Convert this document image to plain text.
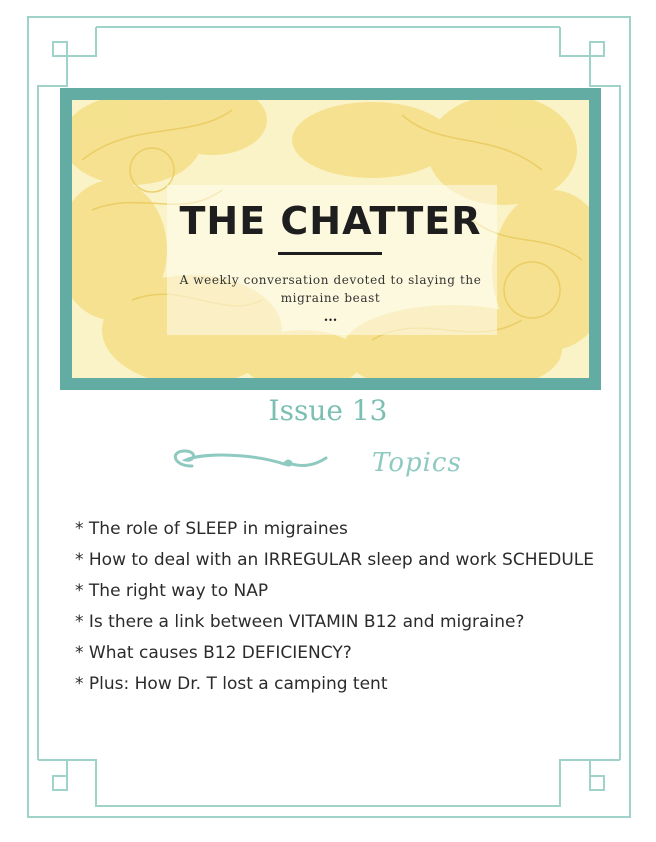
THE CHATTER
A weekly conversation devoted to slaying the migraine beast
...
Issue 13
Topics
* The role of SLEEP in migraines
* How to deal with an IRREGULAR sleep and work SCHEDULE
* The right way to NAP
* Is there a link between VITAMIN B12 and migraine?
* What causes B12 DEFICIENCY?
* Plus: How Dr. T lost a camping tent
